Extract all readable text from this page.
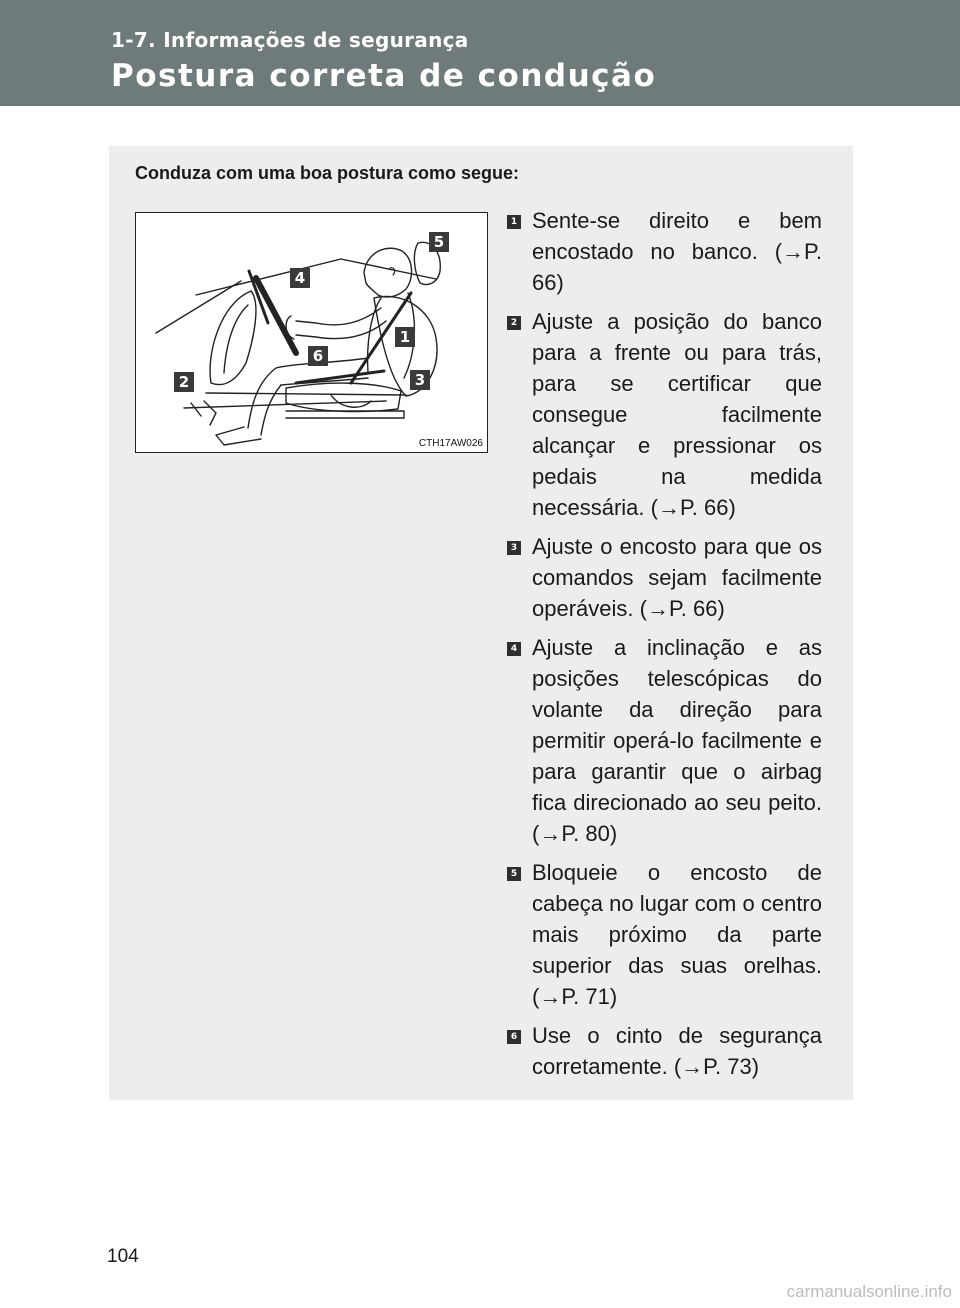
1-7. Informações de segurança
Postura correta de condução
Conduza com uma boa postura como segue:
5
4
1
6
2	3
CTH17AW026
1 Sente-se direito e bem encostado no banco. (→P. 66)
2 Ajuste a posição do banco para a frente ou para trás, para se certificar que consegue facilmente alcançar e pressionar os pedais na medida necessária. (→P. 66)
3 Ajuste o encosto para que os comandos sejam facilmente operáveis. (→P. 66)
4 Ajuste a inclinação e as posições telescópicas do volante da direção para permitir operá-lo facilmente e para garantir que o airbag fica direcionado ao seu peito. (→P. 80)
5 Bloqueie o encosto de cabeça no lugar com o centro mais próximo da parte superior das suas orelhas. (→P. 71)
6 Use o cinto de segurança corretamente. (→P. 73)
104
carmanualsonline.info
